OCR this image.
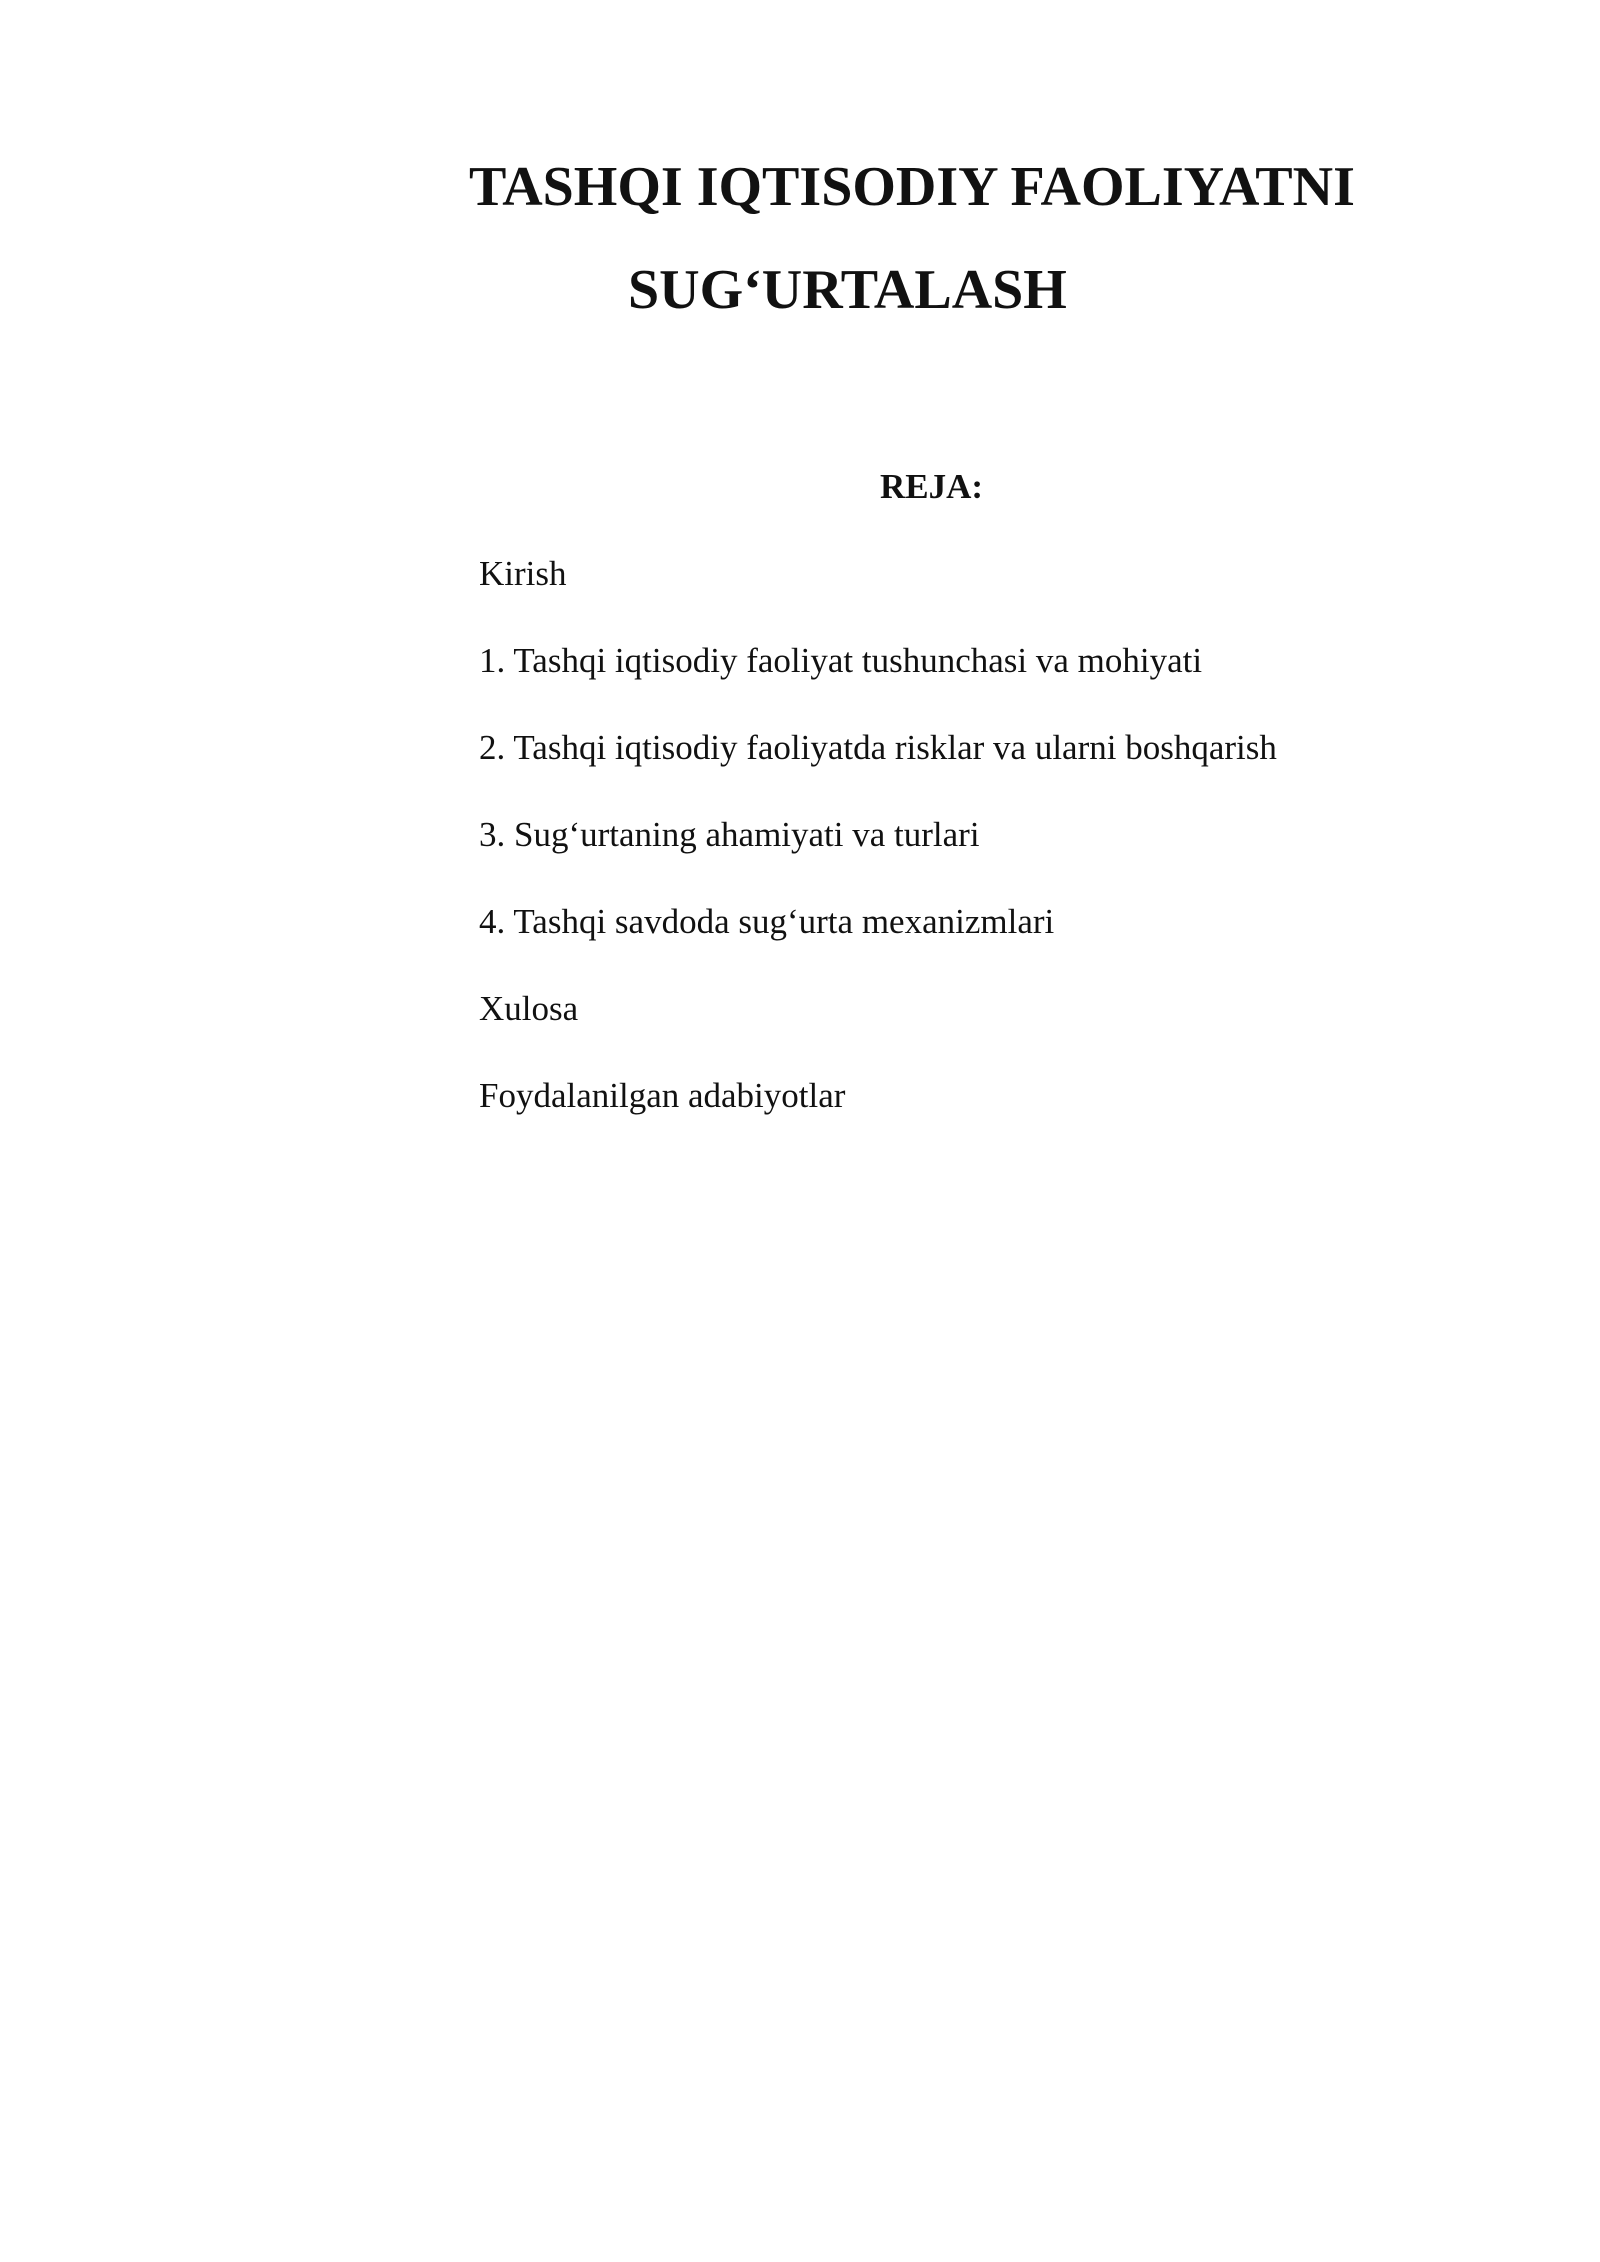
TASHQI IQTISODIY FAOLIYATNI
SUG‘URTALASH
REJA:
Kirish
1. Tashqi iqtisodiy faoliyat tushunchasi va mohiyati
2. Tashqi iqtisodiy faoliyatda risklar va ularni boshqarish
3. Sug‘urtaning ahamiyati va turlari
4. Tashqi savdoda sug‘urta mexanizmlari
Xulosa
Foydalanilgan adabiyotlar
